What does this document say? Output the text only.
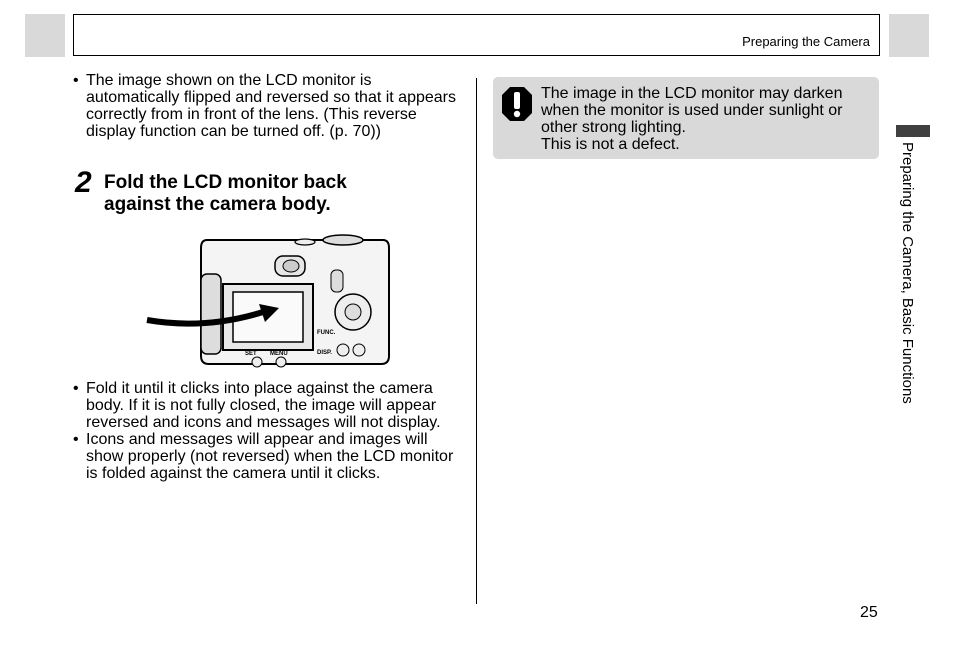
Preparing the Camera
• The image shown on the LCD monitor is automatically flipped and reversed so that it appears correctly from in front of the lens. (This reverse display function can be turned off. (p. 70))
2 Fold the LCD monitor back
against the camera body.
FUNC.
DISP.
SET MENU
• Fold it until it clicks into place against the camera body. If it is not fully closed, the image will appear reversed and icons and messages will not display.
• Icons and messages will appear and images will show properly (not reversed) when the LCD monitor is folded against the camera until it clicks.
The image in the LCD monitor may darken
when the monitor is used under sunlight or
other strong lighting.
This is not a defect.	Preparing the Camera, Basic Functions
25
